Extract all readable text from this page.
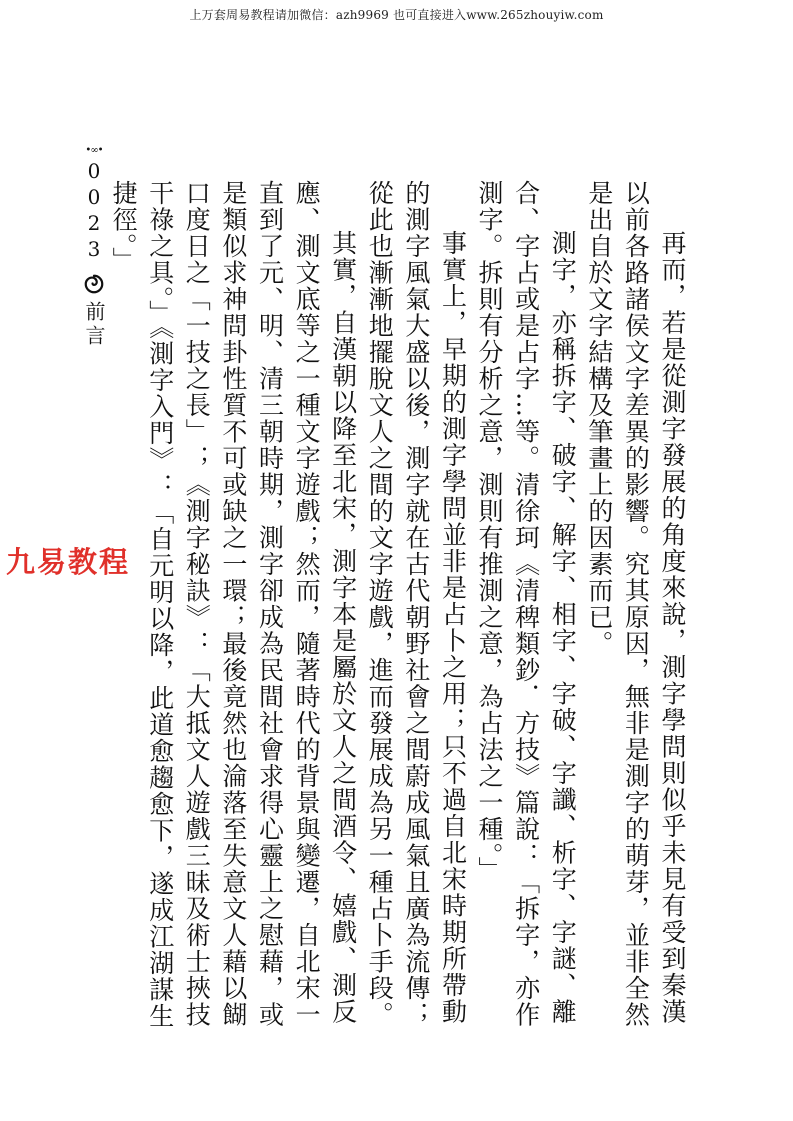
上万套周易教程请加微信：azh9969 也可直接进入www.265zhouyiw.com

再而，若是從測字發展的角度來說，測字學問則似乎未見有受到秦漢以前各路諸侯文字差異的影響。究其原因，無非是測字的萌芽，並非全然是出自於文字結構及筆畫上的因素而已。

測字，亦稱拆字、破字、解字、相字、字破、字讖、析字、字謎、離合、字占或是占字…等。清徐珂《清稗類鈔．方技》篇說：「拆字，亦作測字。拆則有分析之意，測則有推測之意，為占法之一種。」

事實上，早期的測字學問並非是占卜之用；只不過自北宋時期所帶動的測字風氣大盛以後，測字就在古代朝野社會之間蔚成風氣且廣為流傳；從此也漸漸地擺脫文人之間的文字遊戲，進而發展成為另一種占卜手段。

其實，自漢朝以降至北宋，測字本是屬於文人之間酒令、嬉戲、測反應、測文底等之一種文字遊戲；然而，隨著時代的背景與變遷，自北宋一直到了元、明、清三朝時期，測字卻成為民間社會求得心靈上之慰藉，或是類似求神問卦性質不可或缺之一環；最後竟然也淪落至失意文人藉以餬口度日之「一技之長」；《測字秘訣》：「大抵文人遊戲三昧及術士挾技干祿之具。」《測字入門》：「自元明以降，此道愈趨愈下，遂成江湖謀生捷徑。」

•∞•
0023
前言
九易教程
